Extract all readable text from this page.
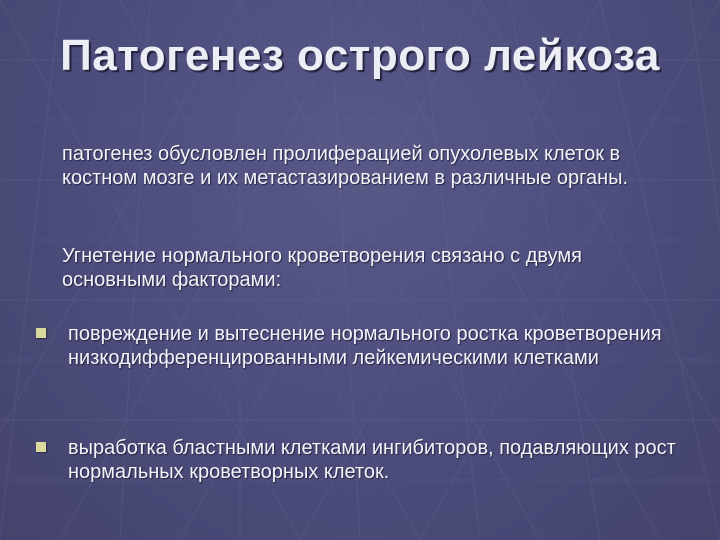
Патогенез острого лейкоза
патогенез обусловлен пролиферацией опухолевых клеток в костном мозге и их метастазированием в различные органы.
Угнетение нормального кроветворения связано с двумя основными факторами:
повреждение и вытеснение нормального ростка кроветворения низкодифференцированными лейкемическими клетками
выработка бластными клетками ингибиторов, подавляющих рост нормальных кроветворных клеток.
